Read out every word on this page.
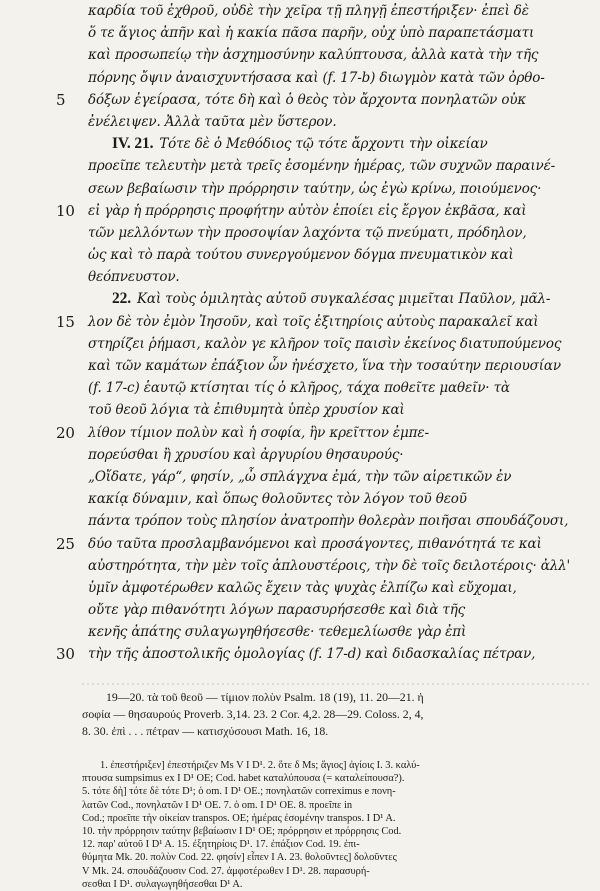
καρδία τοῦ ἐχθροῦ, οὐδὲ τὴν χεῖρα τῇ πληγῇ ἐπεστήριξεν· ἐπεὶ δὲ
ὅ τε ἅγιος ἀπῆν καὶ ἡ κακία πᾶσα παρῆν, οὐχ ὑπὸ παραπετάσματι
καὶ προσωπείῳ τὴν ἀσχημοσύνην καλύπτουσα, ἀλλὰ κατὰ τὴν τῆς
πόρνης ὄψιν ἀναισχυντήσασα καὶ (f. 17-b) διωγμὸν κατὰ τῶν ὀρθο-
5 δόξων ἐγείρασα, τότε δὴ καὶ ὁ θεὸς τὸν ἄρχοντα πονηλατῶν οὐκ
ἐνέλειψεν. Ἀλλὰ ταῦτα μὲν ὕστερον.
IV. 21. Τότε δὲ ὁ Μεθόδιος τῷ τότε ἄρχοντι τὴν οἰκείαν
προεῖπε τελευτὴν μετὰ τρεῖς ἐσομένην ἡμέρας, τῶν συχνῶν παραινέ-
σεων βεβαίωσιν τὴν πρόρρησιν ταύτην, ὡς ἐγὼ κρίνω, ποιούμενος·
10 εἰ γὰρ ἡ πρόρρησις προφήτην αὐτὸν ἐποίει εἰς ἔργον ἐκβᾶσα, καὶ
τῶν μελλόντων τὴν προσοψίαν λαχόντα τῷ πνεύματι, πρόδηλον,
ὡς καὶ τὸ παρὰ τούτου συνεργούμενον δόγμα πνευματικὸν καὶ
θεόπνευστον.
22. Καὶ τοὺς ὁμιλητὰς αὐτοῦ συγκαλέσας μιμεῖται Παῦλον, μᾶλ-
15 λον δὲ τὸν ἐμὸν Ἰησοῦν, καὶ τοῖς ἐξιτηρίοις αὐτοὺς παρακαλεῖ καὶ
στηρίζει ῥήμασι, καλὸν γε κλῆρον τοῖς παισὶν ἐκείνος διατυπούμενος
καὶ τῶν καμάτων ἐπάξιον ὧν ἠνέσχετο, ἵνα τὴν τοσαύτην περιουσίαν
(f. 17-c) ἑαυτῷ κτίσηται τίς ὁ κλῆρος, τάχα ποθεῖτε μαθεῖν· τὰ
τοῦ θεοῦ λόγια τὰ ἐπιθυμητὰ ὑπὲρ χρυσίον καὶ
20 λίθον τίμιον πολὺν καὶ ἡ σοφία, ἣν κρεῖττον ἐμπε-
πορεύσθαι ἢ χρυσίου καὶ ἀργυρίου θησαυρούς·
„Οἴδατε, γάρ“, φησίν, „ὦ σπλάγχνα ἐμά, τὴν τῶν αἱρετικῶν ἐν
κακίᾳ δύναμιν, καὶ ὅπως θολοῦντες τὸν λόγον τοῦ θεοῦ
πάντα τρόπον τοὺς πλησίον ἀνατροπὴν θολερὰν ποιῆσαι σπουδάζουσι,
25 δύο ταῦτα προσλαμβανόμενοι καὶ προσάγοντες, πιθανότητά τε καὶ
αὐστηρότητα, τὴν μὲν τοῖς ἁπλουστέροις, τὴν δὲ τοῖς δειλοτέροις· ἀλλ'
ὑμῖν ἀμφοτέρωθεν καλῶς ἔχειν τὰς ψυχὰς ἐλπίζω καὶ εὔχομαι,
οὔτε γὰρ πιθανότητι λόγων παρασυρήσεσθε καὶ διὰ τῆς
κενῆς ἀπάτης συλαγωγηθήσεσθε· τεθεμελίωσθε γὰρ ἐπὶ
30 τὴν τῆς ἀποστολικῆς ὁμολογίας (f. 17-d) καὶ διδασκαλίας πέτραν,
19—20. τὰ τοῦ θεοῦ — τίμιον πολὺν Psalm. 18 (19), 11. 20—21. ἡ
σοφία — θησαυρούς Proverb. 3,14. 23. 2 Cor. 4,2. 28—29. Coloss. 2, 4,
8. 30. ἐπὶ . . . πέτραν — κατισχύσουσι Math. 16, 18.
1. ἐπεστήριξεν] ἐπεστήριζεν Ms V I D¹. 2. ὅτε δ Ms; ἅγιος] ἀγίοις I. 3. καλύ-
πτουσα sumpsimus ex I D¹ OE; Cod. habet καταλύπουσα (= καταλείπουσα?).
5. τότε δὴ] τότε δὲ τότε D¹; ὁ om. I D¹ OE.; πονηλατῶν correximus e πονη-
λατῶν Cod., πονηλατῶν I D¹ OE. 7. ὁ om. I D¹ OE. 8. προεῖπε in
Cod.; προεῖπε τὴν οἰκείαν transpos. OE; ἡμέρας ἐσομένην transpos. I D¹ A.
10. τὴν πρόρρησιν ταύτην βεβαίωσιν I D¹ OE; πρόρρησιν et πρόρρησις Cod.
12. παρ' αὐτοῦ I D¹ A. 15. ἐξητηρίοις D¹. 17. ἐπάξιον Cod. 19. ἐπι-
θύμητα Mk. 20. πολὺν Cod. 22. φησίν] εἶπεν I A. 23. θολοῦντες] δολοῦντες
V Mk. 24. σπουδάζουσιν Cod. 27. ἀμφοτέρωθεν I D¹. 28. παρασυρή-
σεσθαι I D¹. συλαγωγηθήσεσθαι D¹ A.
